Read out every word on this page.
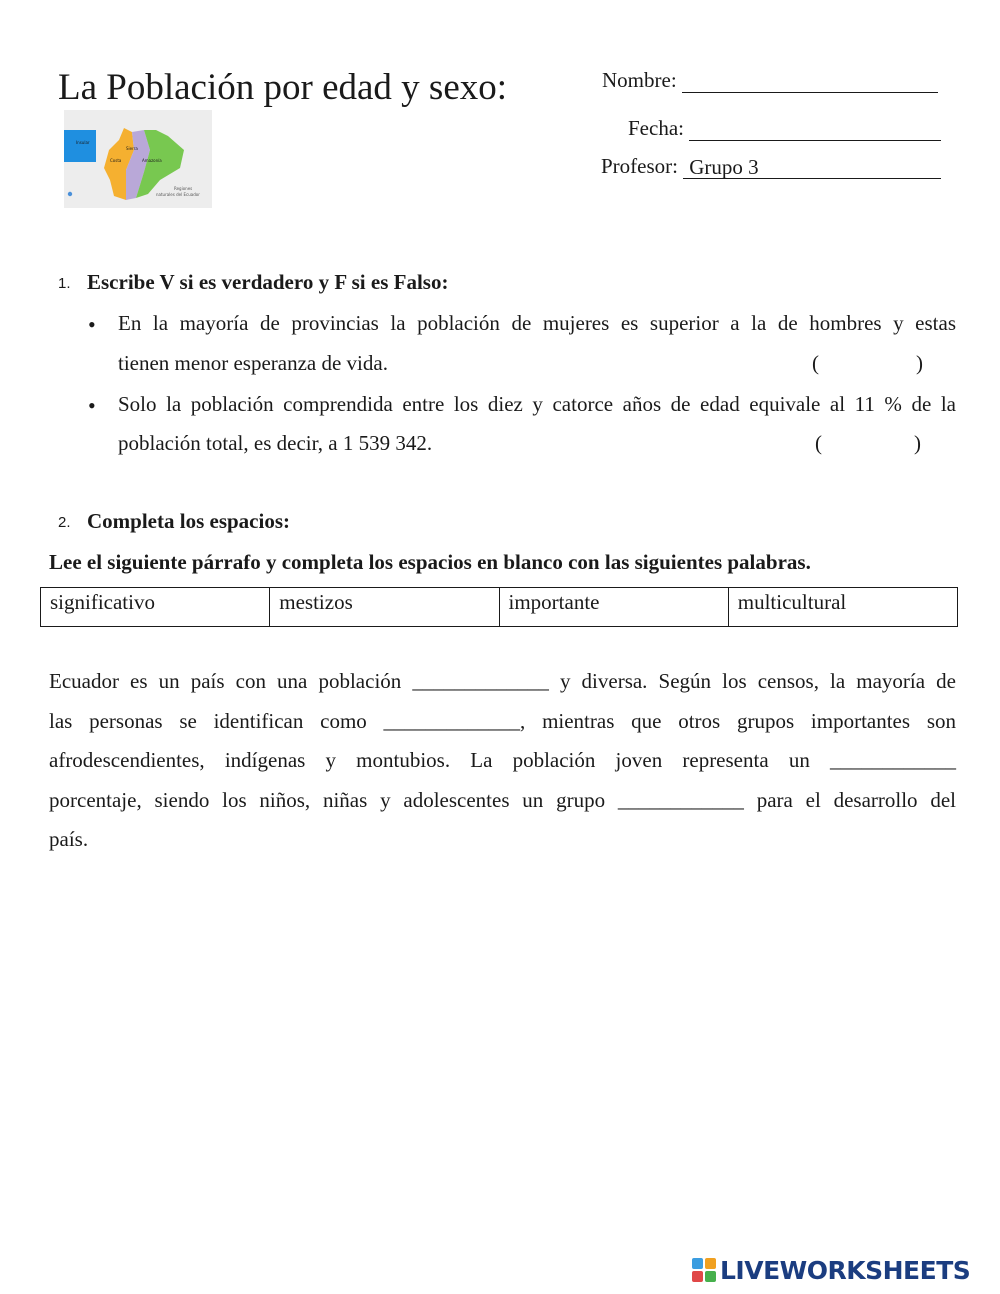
La Población por edad y sexo:
Insular
Sierra
Costa	Amazonía
Regiones
naturales del Ecuador
Nombre:
Fecha:
Profesor: Grupo 3
1. Escribe V si es verdadero y F si es Falso:
• En la mayoría de provincias la población de mujeres es superior a la de hombres y estas
tienen menor esperanza de vida.	(	)
• Solo la población comprendida entre los diez y catorce años de edad equivale al 11 % de la
población total, es decir, a 1 539 342.	(	)
2. Completa los espacios:
Lee el siguiente párrafo y completa los espacios en blanco con las siguientes palabras.
significativo	mestizos	importante	multicultural
Ecuador es un país con una población _____________ y diversa. Según los censos, la mayoría de
las personas se identifican como _____________, mientras que otros grupos importantes son
afrodescendientes, indígenas y montubios. La población joven representa un ____________
porcentaje, siendo los niños, niñas y adolescentes un grupo ____________ para el desarrollo del
país.
LIVEWORKSHEETS
